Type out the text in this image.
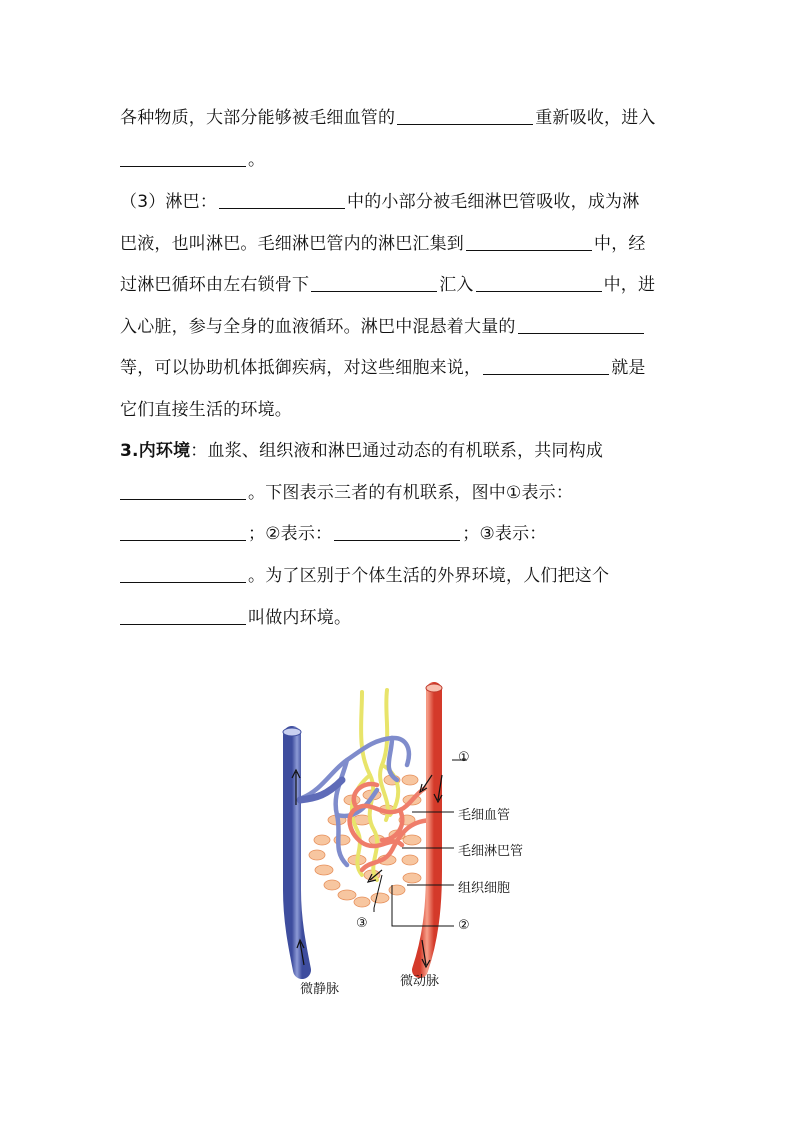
各种物质，大部分能够被毛细血管的	重新吸收，进入
。
（3）淋巴：	中的小部分被毛细淋巴管吸收，成为淋
巴液，也叫淋巴。毛细淋巴管内的淋巴汇集到	中，经
过淋巴循环由左右锁骨下	汇入	中，进
入心脏，参与全身的血液循环。淋巴中混悬着大量的
等，可以协助机体抵御疾病，对这些细胞来说，	就是
它们直接生活的环境。
3.内环境：血浆、组织液和淋巴通过动态的有机联系，共同构成
。下图表示三者的有机联系，图中①表示：
；②表示：	；③表示：
。为了区别于个体生活的外界环境，人们把这个
叫做内环境。
①
毛细血管
毛细淋巴管
组织细胞
②
③
微静脉
微动脉
